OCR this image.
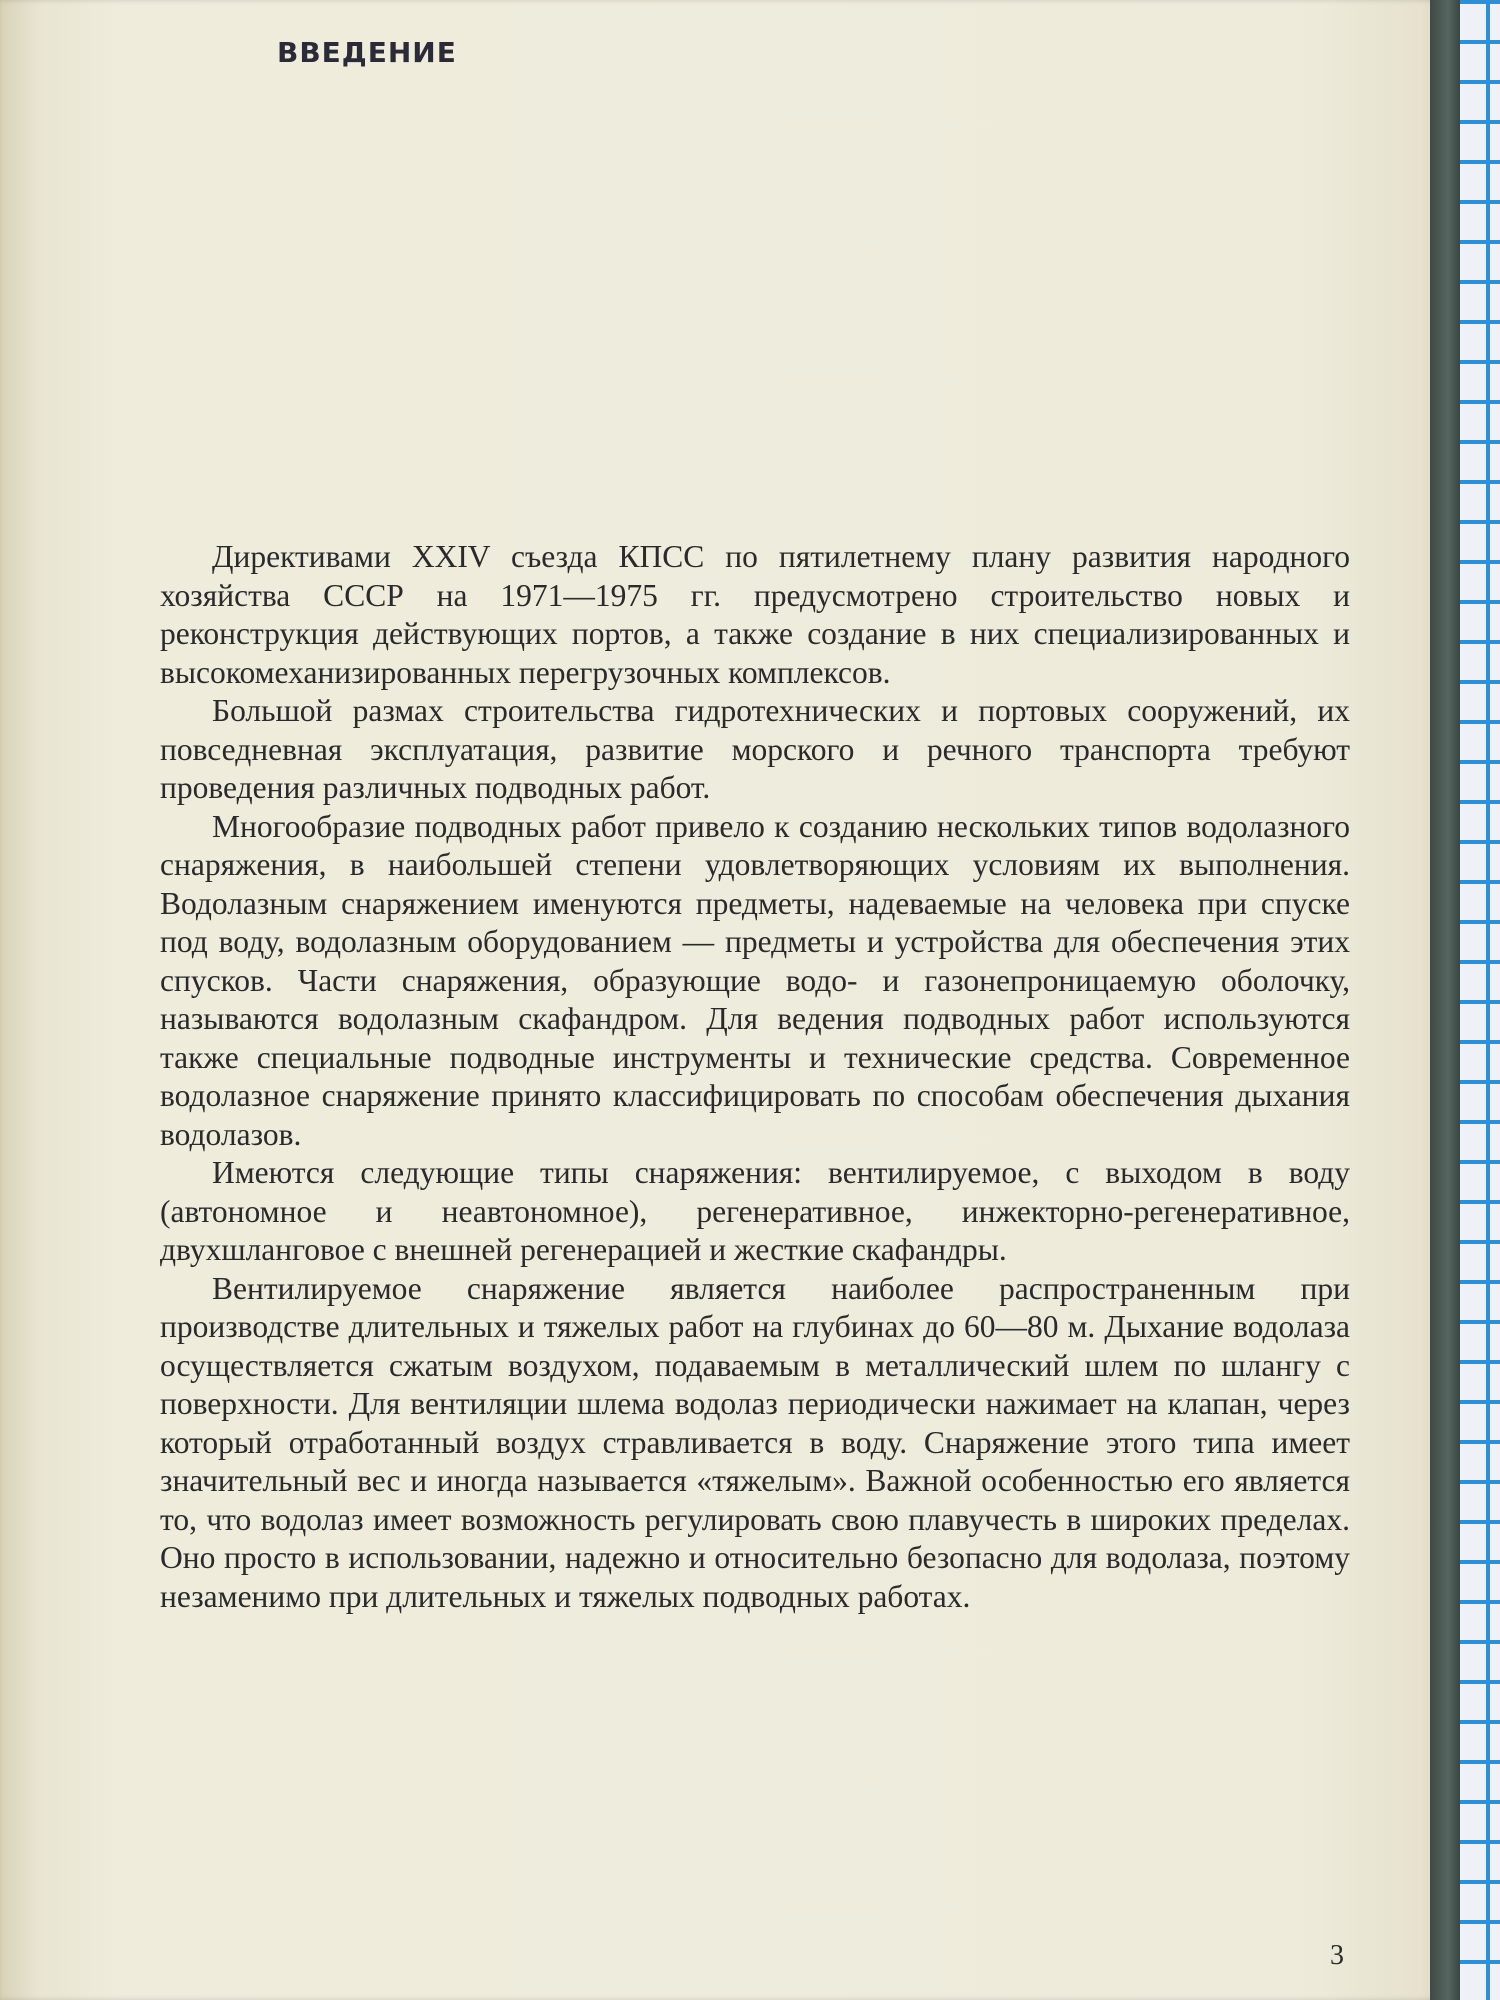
ВВЕДЕНИЕ

Директивами XXIV съезда КПСС по пятилетнему плану развития народного хозяйства СССР на 1971—1975 гг. предусмотрено строительство новых и реконструкция действующих портов, а также создание в них специализированных и высокомеханизированных перегрузочных комплексов.

Большой размах строительства гидротехнических и портовых сооружений, их повседневная эксплуатация, развитие морского и речного транспорта требуют проведения различных подводных работ.

Многообразие подводных работ привело к созданию нескольких типов водолазного снаряжения, в наибольшей степени удовлетворяющих условиям их выполнения. Водолазным снаряжением именуются предметы, надеваемые на человека при спуске под воду, водолазным оборудованием — предметы и устройства для обеспечения этих спусков. Части снаряжения, образующие водо- и газонепроницаемую оболочку, называются водолазным скафандром. Для ведения подводных работ используются также специальные подводные инструменты и технические средства. Современное водолазное снаряжение принято классифицировать по способам обеспечения дыхания водолазов.

Имеются следующие типы снаряжения: вентилируемое, с выходом в воду (автономное и неавтономное), регенеративное, инжекторно-регенеративное, двухшланговое с внешней регенерацией и жесткие скафандры.

Вентилируемое снаряжение является наиболее распространенным при производстве длительных и тяжелых работ на глубинах до 60—80 м. Дыхание водолаза осуществляется сжатым воздухом, подаваемым в металлический шлем по шлангу с поверхности. Для вентиляции шлема водолаз периодически нажимает на клапан, через который отработанный воздух стравливается в воду. Снаряжение этого типа имеет значительный вес и иногда называется «тяжелым». Важной особенностью его является то, что водолаз имеет возможность регулировать свою плавучесть в широких пределах. Оно просто в использовании, надежно и относительно безопасно для водолаза, поэтому незаменимо при длительных и тяжелых подводных работах.

3
